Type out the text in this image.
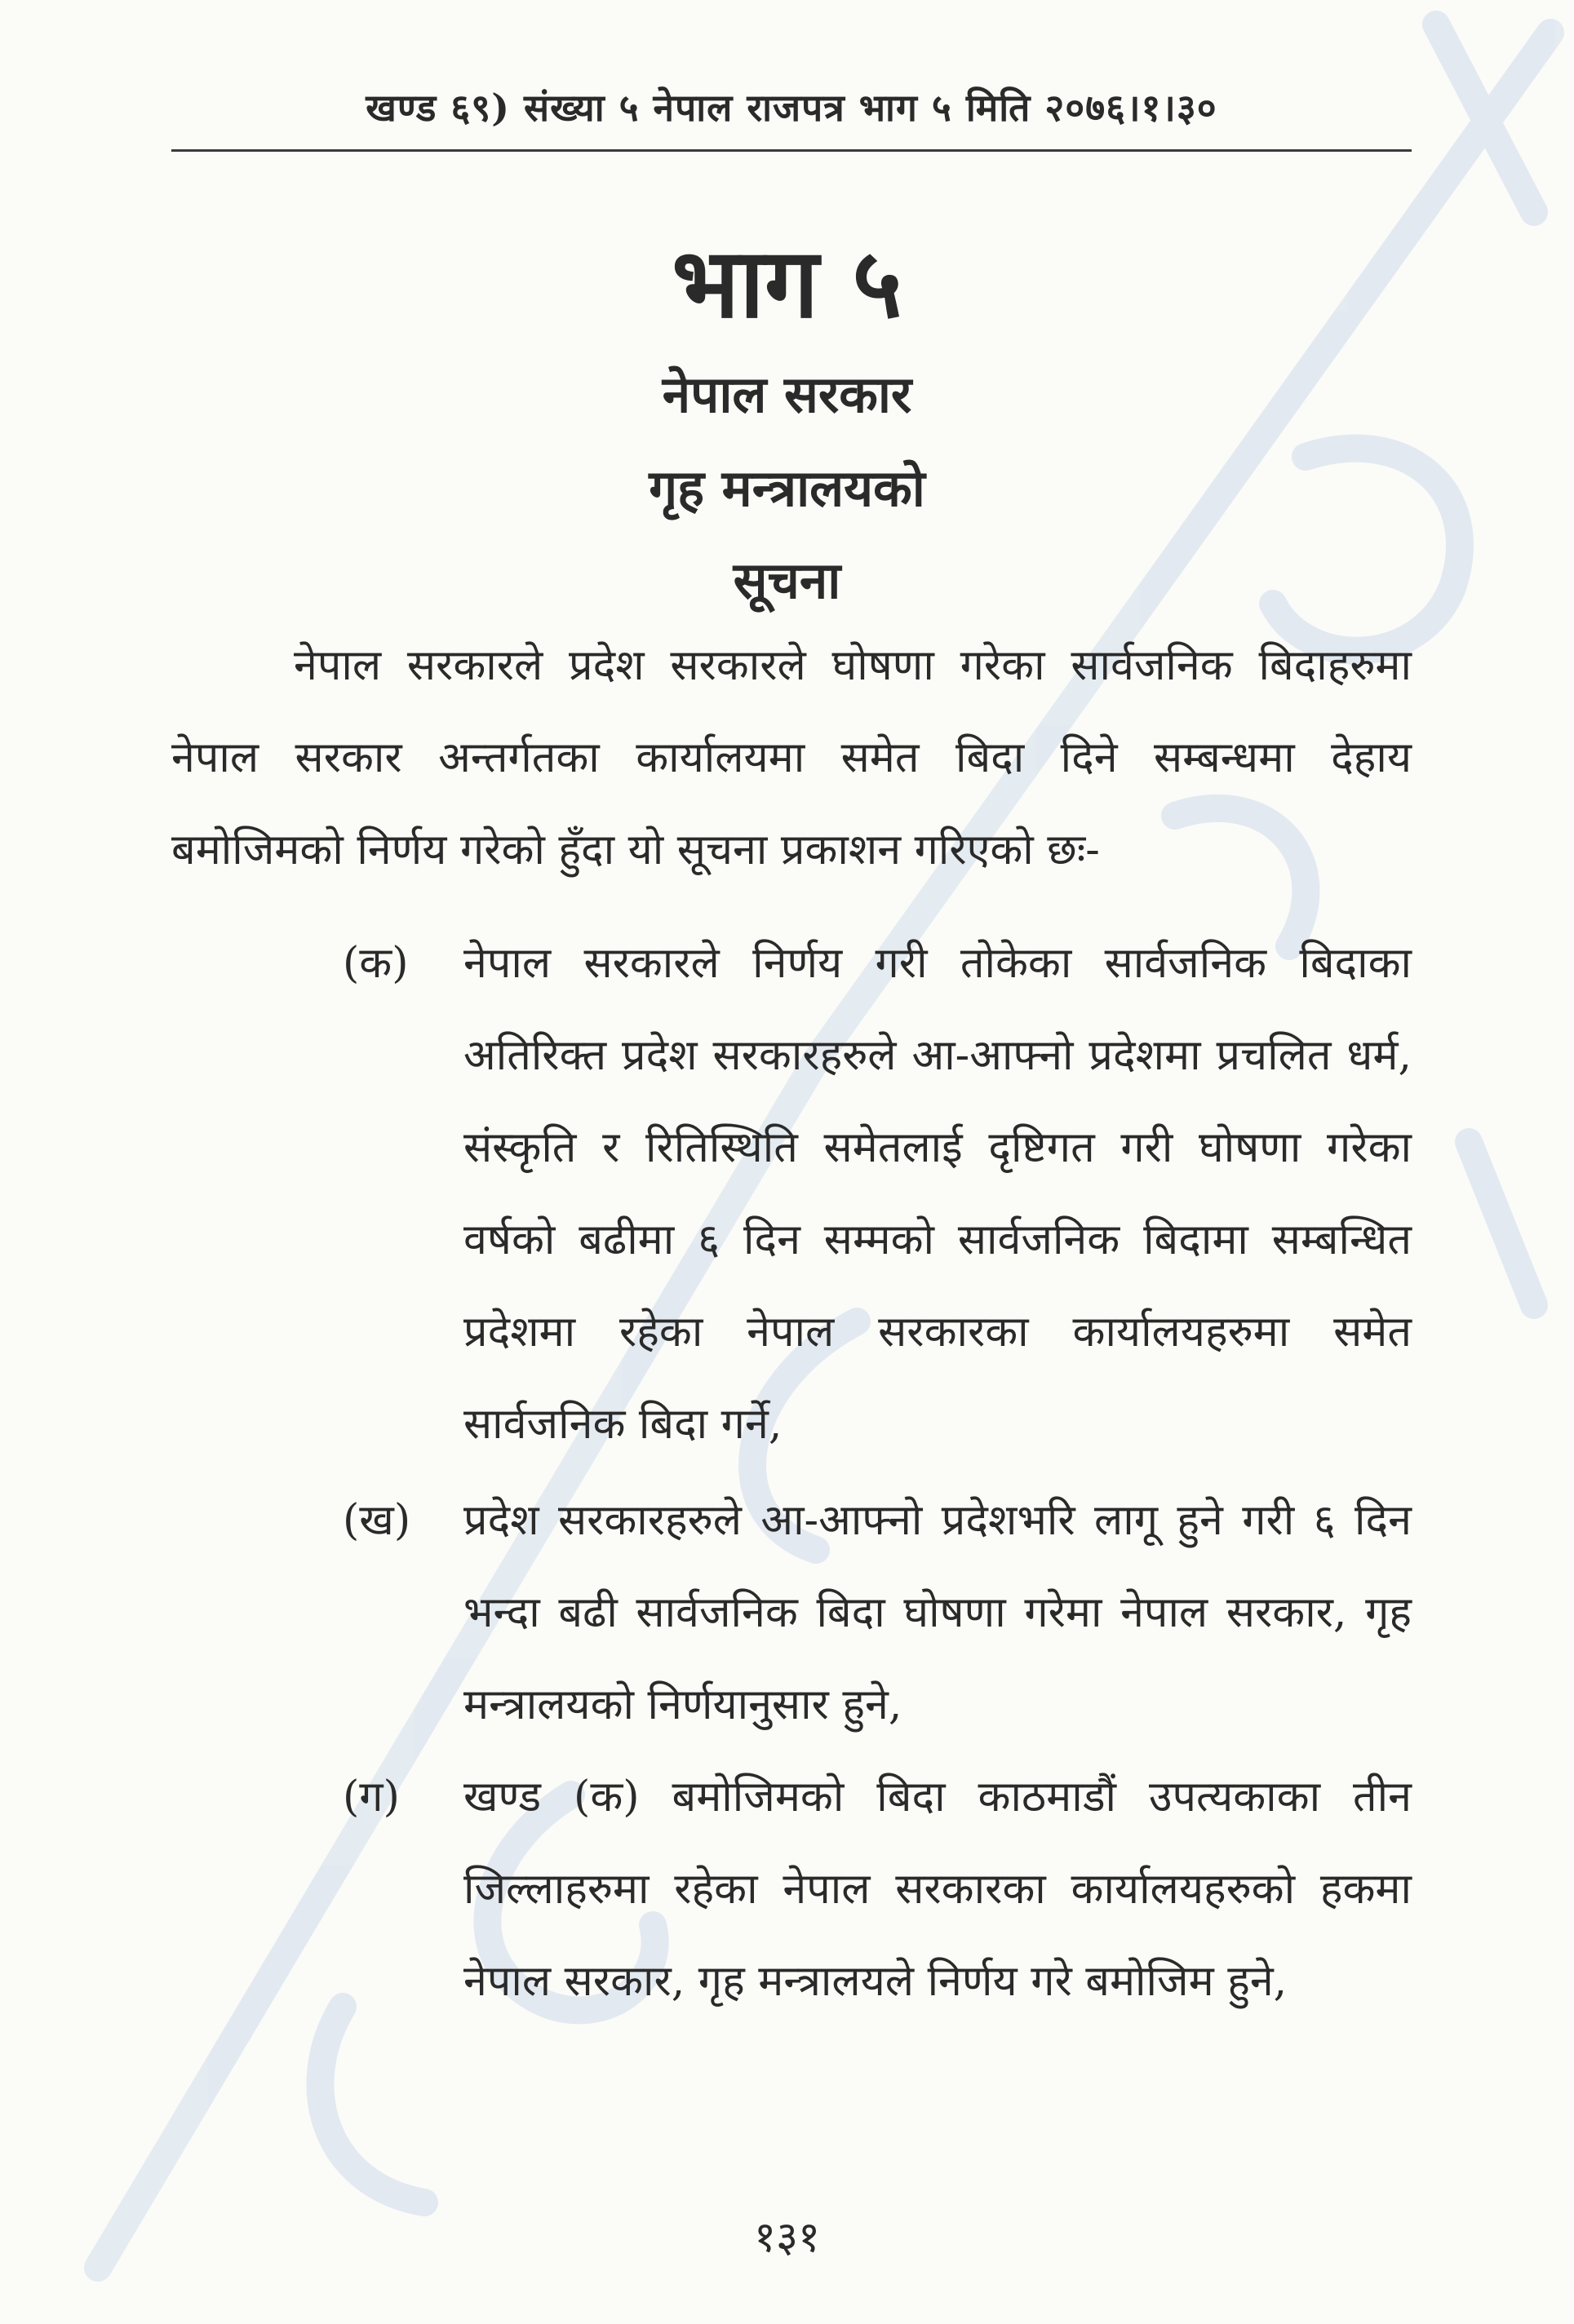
खण्ड ६९) संख्या ५ नेपाल राजपत्र भाग ५ मिति २०७६।१।३०
भाग ५
नेपाल सरकार
गृह मन्त्रालयको
सूचना

नेपाल सरकारले प्रदेश सरकारले घोषणा गरेका सार्वजनिक बिदाहरुमा नेपाल सरकार अन्तर्गतका कार्यालयमा समेत बिदा दिने सम्बन्धमा देहाय बमोजिमको निर्णय गरेको हुँदा यो सूचना प्रकाशन गरिएको छः-

(क) नेपाल सरकारले निर्णय गरी तोकेका सार्वजनिक बिदाका अतिरिक्त प्रदेश सरकारहरुले आ-आफ्नो प्रदेशमा प्रचलित धर्म, संस्कृति र रितिस्थिति समेतलाई दृष्टिगत गरी घोषणा गरेका वर्षको बढीमा ६ दिन सम्मको सार्वजनिक बिदामा सम्बन्धित प्रदेशमा रहेका नेपाल सरकारका कार्यालयहरुमा समेत सार्वजनिक बिदा गर्ने,

(ख) प्रदेश सरकारहरुले आ-आफ्नो प्रदेशभरि लागू हुने गरी ६ दिन भन्दा बढी सार्वजनिक बिदा घोषणा गरेमा नेपाल सरकार, गृह मन्त्रालयको निर्णयानुसार हुने,

(ग) खण्ड (क) बमोजिमको बिदा काठमाडौं उपत्यकाका तीन जिल्लाहरुमा रहेका नेपाल सरकारका कार्यालयहरुको हकमा नेपाल सरकार, गृह मन्त्रालयले निर्णय गरे बमोजिम हुने,

१३१
